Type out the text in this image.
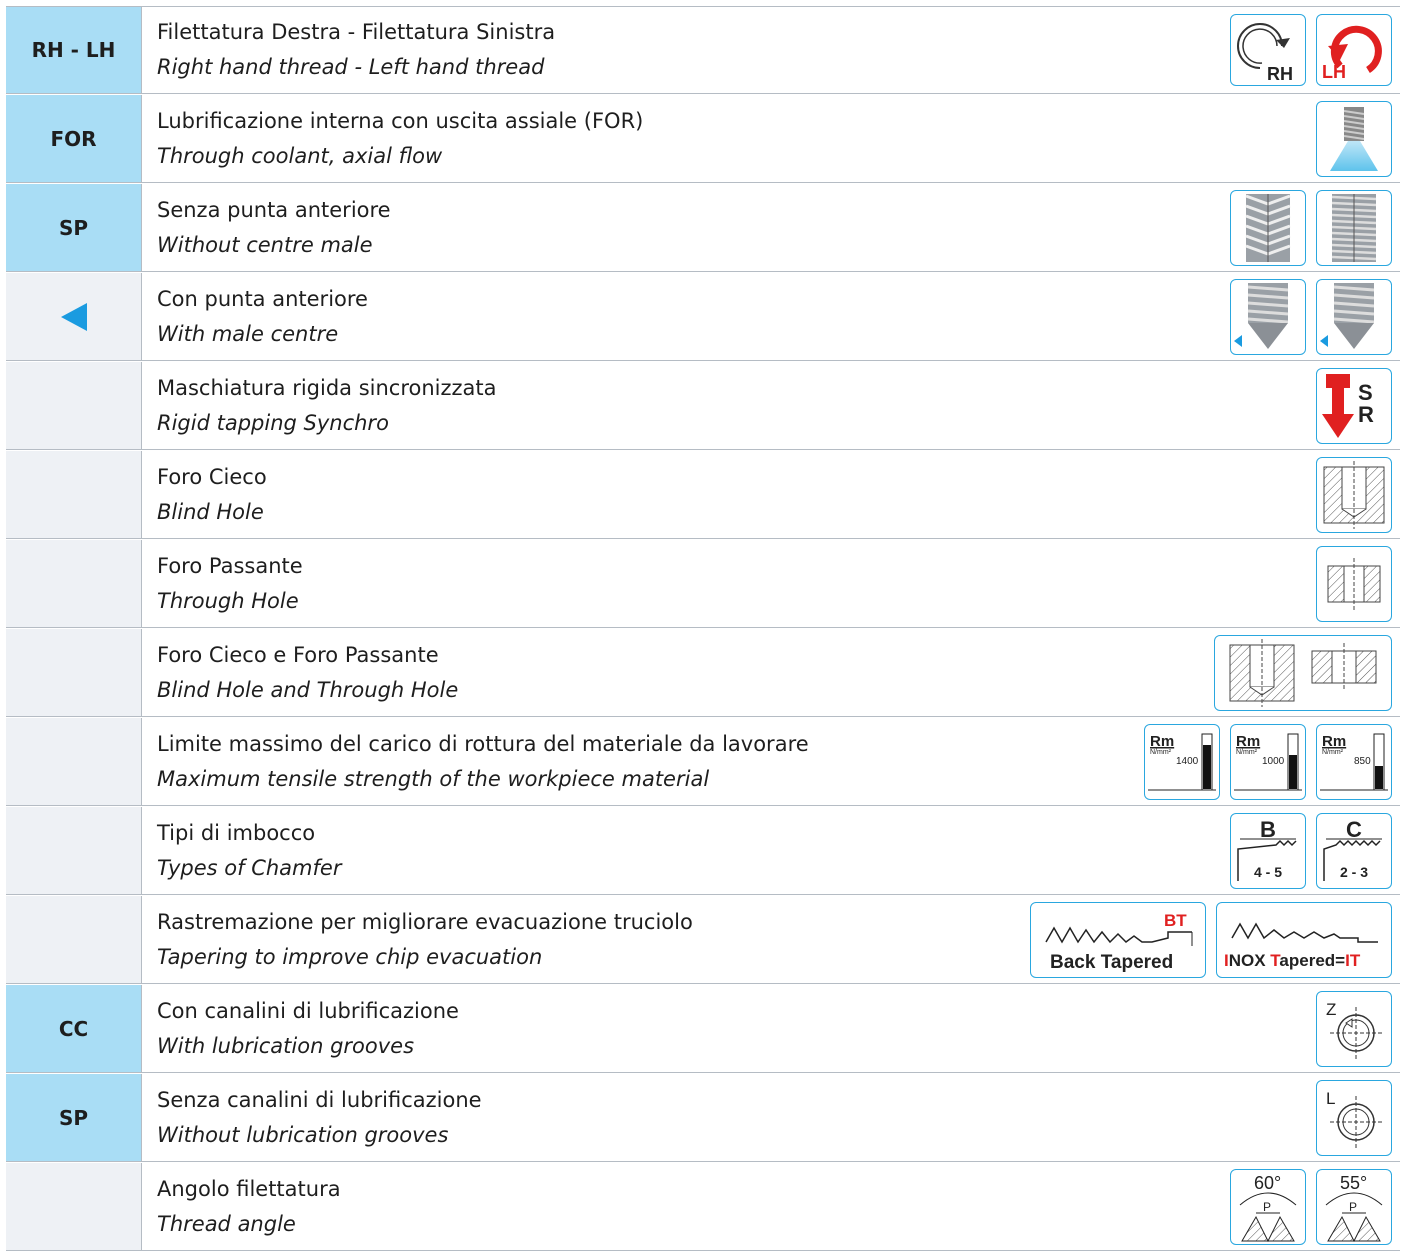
RH - LH
Filettatura Destra - Filettatura Sinistra
Right hand thread - Left hand thread	RH LH
FOR
Lubrificazione interna con uscita assiale (FOR)
Through coolant, axial flow
SP
Senza punta anteriore
Without centre male
Con punta anteriore
With male centre
Maschiatura rigida sincronizzata
Rigid tapping Synchro
S
R
Foro Cieco
Blind Hole
Foro Passante
Through Hole
Foro Cieco e Foro Passante
Blind Hole and Through Hole
Limite massimo del carico di rottura del materiale da lavorare
Maximum tensile strength of the workpiece material
Rm
N/mm²
1400
Rm
N/mm²
1000
Rm
N/mm²
850
Tipi di imbocco
Types of Chamfer
B
4 - 5
C
2 - 3
Rastremazione per migliorare evacuazione truciolo
Tapering to improve chip evacuation
BT
Back Tapered	INOX Tapered=IT
CC
Con canalini di lubrificazione
With lubrication grooves
Z
SP
Senza canalini di lubrificazione
Without lubrication grooves
L
Angolo filettatura
Thread angle
60°
P
55°
P
